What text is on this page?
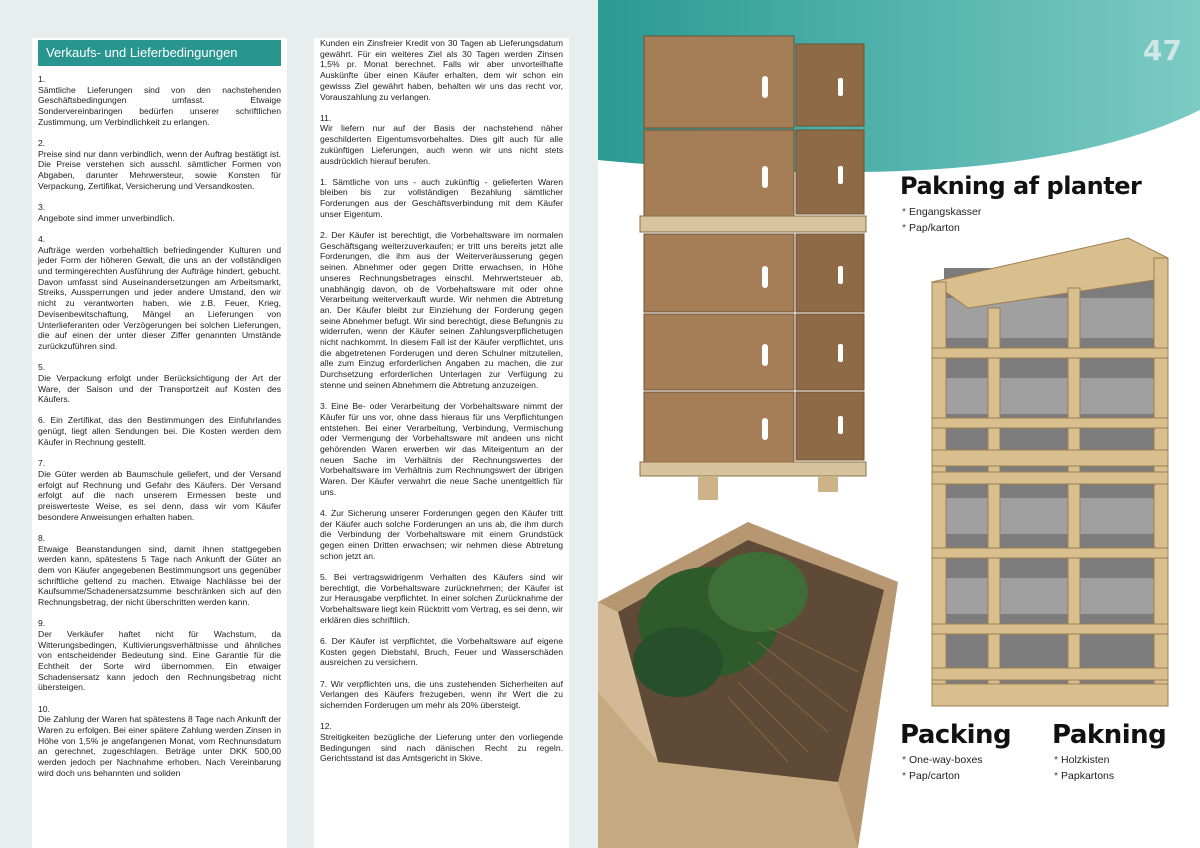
Verkaufs- und Lieferbedingungen
1.
Sämtliche Lieferungen sind von den nachstehenden Geschäftsbedingungen umfasst. Etwaige Sondervereinbaringen bedürfen unserer schriftlichen Zustimmung, um Verbindlichkeit zu erlangen.
2.
Preise sind nur dann verbindlich, wenn der Auftrag bestätigt ist. Die Preise verstehen sich ausschl. sämtlicher Formen von Abgaben, darunter Mehrwersteur, sowie Konsten für Verpackung, Zertifikat, Versicherung und Versandkosten.
3.
Angebote sind immer unverbindlich.
4.
Aufträge werden vorbehaltlich befriedingender Kulturen und jeder Form der höheren Gewalt, die uns an der vollständigen und termingerechten Ausführung der Aufträge hindert, gebucht. Davon umfasst sind Auseinandersetzungen am Arbeitsmarkt, Streiks, Aussperrungen und jeder andere Umstand, den wir nicht zu verantworten haben, wie z.B. Feuer, Krieg, Devisenbewitschaftung, Mängel an Lieferungen von Unterlieferanten oder Verzögerungen bei solchen Lieferungen, die auf einen der unter dieser Ziffer genannten Umstände zurückzuführen sind.
5.
Die Verpackung erfolgt under Berücksichtigung der Art der Ware, der Saison und der Transportzeit auf Kosten des Käufers.
6. Ein Zertifikat, das den Bestimmungen des Einfuhrlandes genügt, liegt allen Sendungen bei. Die Kosten werden dem Käufer in Rechnung gestellt.
7.
Die Güter werden ab Baumschule geliefert, und der Versand erfolgt auf Rechnung und Gefahr des Käufers. Der Versand erfolgt auf die nach unserem Ermessen beste und preiswerteste Weise, es sei denn, dass wir vom Käufer besondere Anweisungen erhalten haben.
8.
Etwaige Beanstandungen sind, damit ihnen stattgegeben werden kann, spätestens 5 Tage nach Ankunft der Güter an dem von Käufer angegebenen Bestimmungsort uns gegenüber schriftliche geltend zu machen. Etwaige Nachlässe bei der Kaufsumme/Schadenersatzsumme beschränken sich auf den Rechnungsbetrag, der nicht überschritten werden kann.
9.
Der Verkäufer haftet nicht für Wachstum, da Witterungsbedingen, Kultivierungsverhältnisse und ähnliches von entscheidender Bedeutung sind. Eine Garantie für die Echtheit der Sorte wird übernommen. Ein etwaiger Schadensersatz kann jedoch den Rechnungsbetrag nicht übersteigen.
10.
Die Zahlung der Waren hat spätestens 8 Tage nach Ankunft der Waren zu erfolgen. Bei einer spätere Zahlung werden Zinsen in Höhe von 1,5% je angefangenen Monat, vom Rechnunsdatum an gerechnet, zugeschlagen. Beträge unter DKK 500,00 werden jedoch per Nachnahme erhoben. Nach Vereinbarung wird doch uns behannten und soliden
Kunden ein Zinsfreier Kredit von 30 Tagen ab Lieferungsdatum gewährt. Für ein weiteres Ziel als 30 Tagen werden Zinsen 1,5% pr. Monat berechnet. Falls wir aber unvorteilhafte Auskünfte über einen Käufer erhalten, dem wir schon ein gewisss Ziel gewährt haben, behalten wir uns das recht vor, Vorauszahlung zu verlangen.
11.
Wir liefern nur auf der Basis der nachstehend näher geschilderten Eigentumsvorbehaltes. Dies gilt auch für alle zukünftigen Lieferungen, auch wenn wir uns nicht stets ausdrücklich hierauf berufen.
1. Sämtliche von uns - auch zukünftig - gelieferten Waren bleiben bis zur vollständigen Bezahlung sämtlicher Forderungen aus der Geschäftsverbindung mit dem Käufer unser Eigentum.
2. Der Käufer ist berechtigt, die Vorbehaltsware im normalen Geschäftsgang weiterzuverkaufen; er tritt uns bereits jetzt alle Forderungen, die ihm aus der Weiterveräusserung gegen seinen. Abnehmer oder gegen Dritte erwachsen, in Höhe unseres Rechnungsbetrages einschl. Mehrwertsteuer ab, unabhängig davon, ob de Vorbehaltsware mit oder ohne Verarbeitung weiterverkauft wurde. Wir nehmen die Abtretung an. Der Käufer bleibt zur Einziehung der Forderung gegen seine Abnehmer befugt. Wir sind berechtigt, diese Befungnis zu widerrufen, wenn der Käufer seinen Zahlungsverpflichetugen nicht nachkommt. In diesem Fall ist der Käufer verpflichtet, uns die abgetretenen Forderugen und deren Schulner mitzuteilen, alle zum Einzug erforderlichen Angaben zu machen, die zur Durchsetzung erforderlichen Unterlagen zur Verfügung zu stenne und seinen Abnehmern die Abtretung anzuzeigen.
3. Eine Be- oder Verarbeitung der Vorbehaltsware nimmt der Käufer für uns vor, ohne dass hieraus für uns Verpflichtungen entstehen. Bei einer Verarbeitung, Verbindung, Vermischung oder Vermengung der Vorbehaltsware mit andeen uns nicht gehörenden Waren erwerben wir das Miteigentum an der neuen Sache im Verhältnis der Rechnungswertes der Vorbehaltsware im Verhältnis zum Rechnungswert der übrigen Waren. Der Käufer verwahrt die neue Sache unentgeltlich für uns.
4. Zur Sicherung unserer Forderungen gegen den Käufer tritt der Käufer auch solche Forderungen an uns ab, die ihm durch die Verbindung der Vorbehaltsware mit einem Grundstück gegen einen Dritten erwachsen; wir nehmen diese Abtretung schon jetzt an.
5. Bei vertragswidrigenm Verhalten des Käufers sind wir berechtigt, die Vorbehaltsware zurücknehmen; der Käufer ist zur Herausgabe verpflichtet. In einer solchen Zurücknahme der Vorbehaltsware liegt kein Rücktritt vom Vertrag, es sei denn, wir erklären dies schriftlich.
6. Der Käufer ist verpflichtet, die Vorbehaltsware auf eigene Kosten gegen Diebstahl, Bruch, Feuer und Wasserschäden ausreichen zu versichern.
7. Wir verpflichten uns, die uns zustehenden Sicherheiten auf Verlangen des Käufers frezugeben, wenn ihr Wert die zu sichernden Forderugen um mehr als 20% übersteigt.
12.
Streitigkeiten bezügliche der Lieferung unter den vorliegende Bedingungen sind nach dänischen Recht zu regeln. Gerichtsstand ist das Amtsgericht in Skive.
47
Pakning af planter
* Engangskasser
* Pap/karton
Packing
* One-way-boxes
* Pap/carton
Pakning
* Holzkisten
* Papkartons
